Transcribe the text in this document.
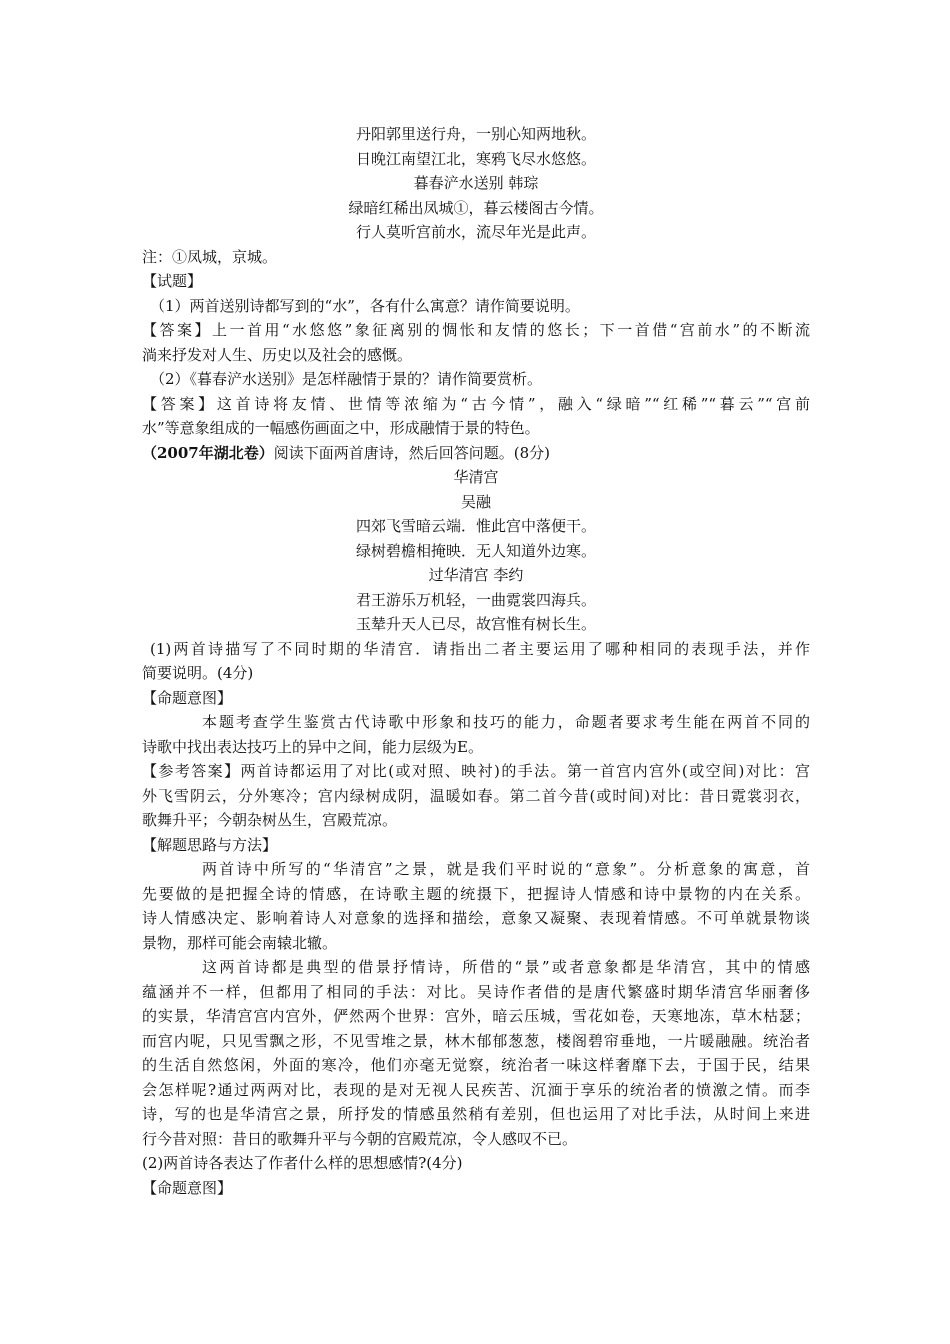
丹阳郭里送行舟，一别心知两地秋。
日晚江南望江北，寒鸦飞尽水悠悠。
暮春浐水送别 韩琮
绿暗红稀出凤城①，暮云楼阁古今情。
行人莫听宫前水，流尽年光是此声。
注：①凤城，京城。
【试题】
（1）两首送别诗都写到的“水”，各有什么寓意？请作简要说明。
【答案】上一首用“水悠悠”象征离别的惆怅和友情的悠长；下一首借“宫前水”的不断流
淌来抒发对人生、历史以及社会的感慨。
（2）《暮春浐水送别》是怎样融情于景的？请作简要赏析。
【答案】这首诗将友情、世情等浓缩为“古今情”，融入“绿暗”“红稀”“暮云”“宫前
水”等意象组成的一幅感伤画面之中，形成融情于景的特色。
（2007年湖北卷）阅读下面两首唐诗，然后回答问题。(8分)
华清宫
吴融
四郊飞雪暗云端．惟此宫中落便干。
绿树碧檐相掩映．无人知道外边寒。
过华清宫 李约
君王游乐万机轻，一曲霓裳四海兵。
玉辇升天人已尽，故宫惟有树长生。
(1)两首诗描写了不同时期的华清宫．请指出二者主要运用了哪种相同的表现手法，并作
简要说明。(4分)
【命题意图】
本题考查学生鉴赏古代诗歌中形象和技巧的能力，命题者要求考生能在两首不同的
诗歌中找出表达技巧上的异中之间，能力层级为E。
【参考答案】两首诗都运用了对比(或对照、映衬)的手法。第一首宫内宫外(或空间)对比：宫
外飞雪阴云，分外寒冷；宫内绿树成阴，温暖如春。第二首今昔(或时间)对比：昔日霓裳羽衣，
歌舞升平；今朝杂树丛生，宫殿荒凉。
【解题思路与方法】
两首诗中所写的“华清宫”之景，就是我们平时说的“意象”。分析意象的寓意，首
先要做的是把握全诗的情感，在诗歌主题的统摄下，把握诗人情感和诗中景物的内在关系。
诗人情感决定、影响着诗人对意象的选择和描绘，意象又凝聚、表现着情感。不可单就景物谈
景物，那样可能会南辕北辙。
这两首诗都是典型的借景抒情诗，所借的“景”或者意象都是华清宫，其中的情感
蕴涵并不一样，但都用了相同的手法：对比。吴诗作者借的是唐代繁盛时期华清宫华丽奢侈
的实景，华清宫宫内宫外，俨然两个世界：宫外，暗云压城，雪花如卷，天寒地冻，草木枯瑟；
而宫内呢，只见雪飘之形，不见雪堆之景，林木郁郁葱葱，楼阁碧帘垂地，一片暖融融。统治者
的生活自然悠闲，外面的寒冷，他们亦毫无觉察，统治者一味这样奢靡下去，于国于民，结果
会怎样呢?通过两两对比，表现的是对无视人民疾苦、沉湎于享乐的统治者的愤激之情。而李
诗，写的也是华清宫之景，所抒发的情感虽然稍有差别，但也运用了对比手法，从时间上来进
行今昔对照：昔日的歌舞升平与今朝的宫殿荒凉，令人感叹不已。
(2)两首诗各表达了作者什么样的思想感情?(4分)
【命题意图】
